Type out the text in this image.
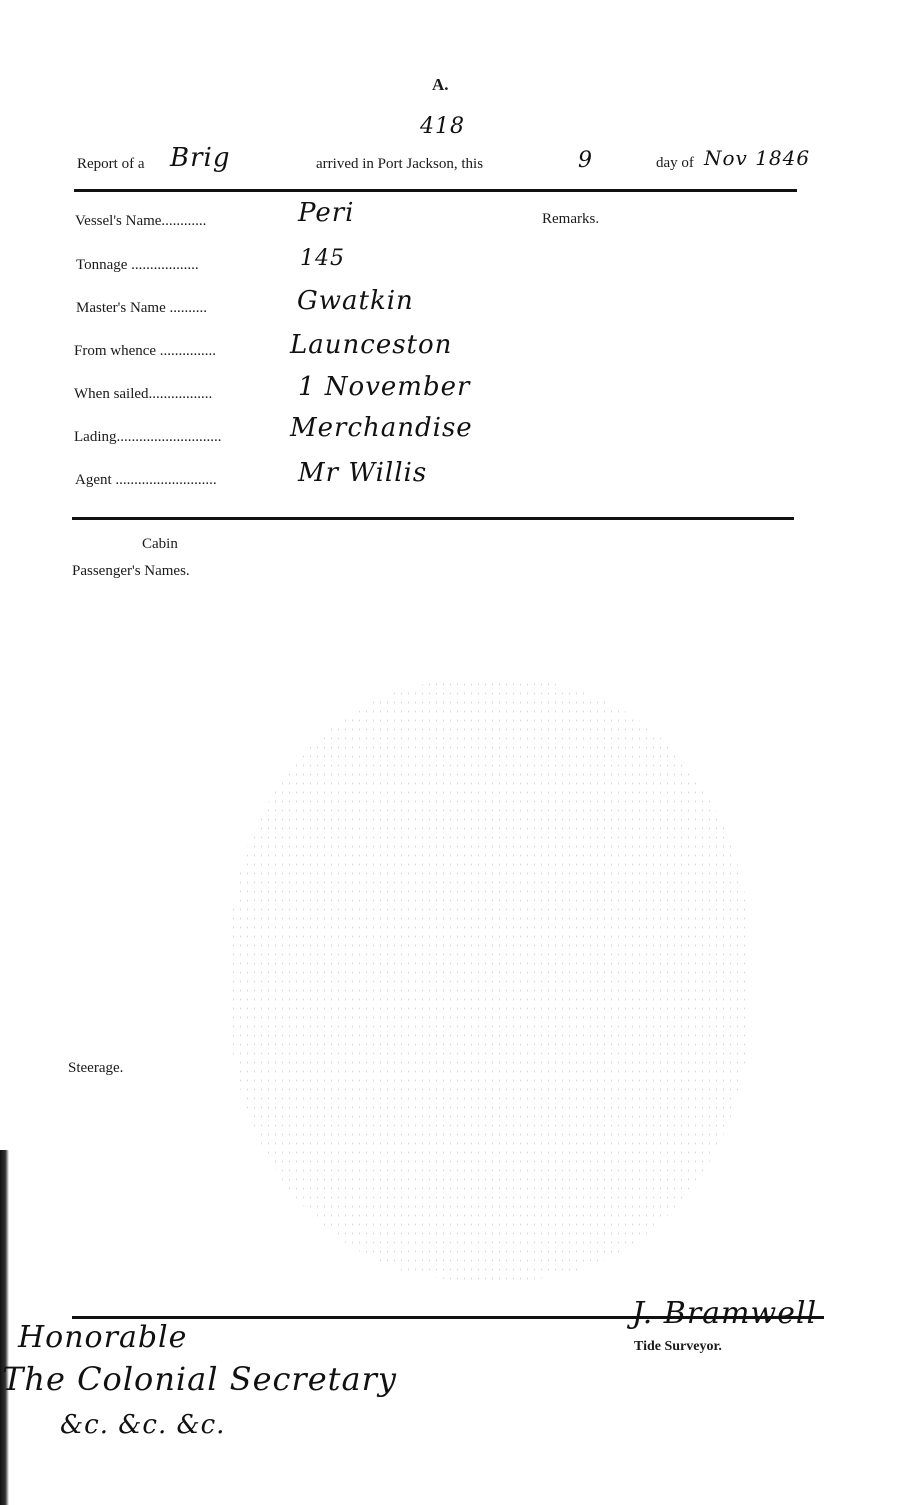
A.
418
Report of a Brig	arrived in Port Jackson, this	9	day of Nov 1846
Vessel's Name............	Peri	Remarks.
Tonnage ..................	145
Master's Name ..........	Gwatkin
From whence ...............	Launceston
When sailed.................	1 November
Lading............................	Merchandise
Agent ...........................	Mr Willis
Cabin
Passenger's Names.
Steerage.
Honorable
The Colonial Secretary
&c. &c. &c.
J. Bramwell
Tide Surveyor.
